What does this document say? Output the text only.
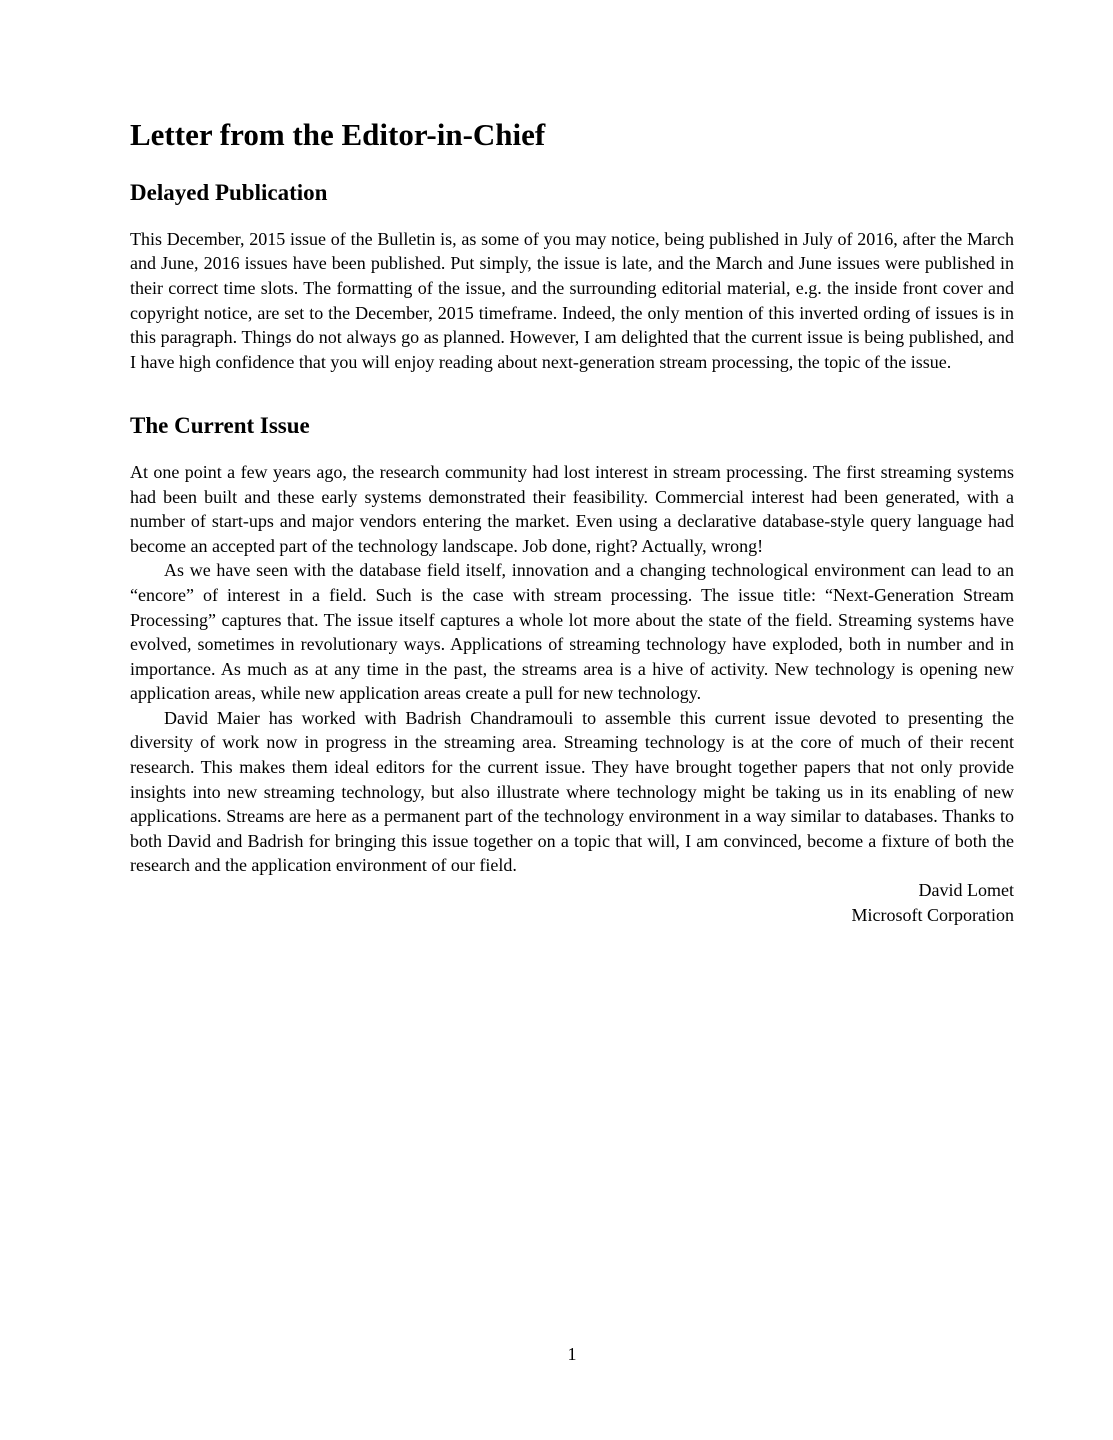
Letter from the Editor-in-Chief
Delayed Publication

This December, 2015 issue of the Bulletin is, as some of you may notice, being published in July of 2016, after the March and June, 2016 issues have been published. Put simply, the issue is late, and the March and June issues were published in their correct time slots. The formatting of the issue, and the surrounding editorial material, e.g. the inside front cover and copyright notice, are set to the December, 2015 timeframe. Indeed, the only mention of this inverted ording of issues is in this paragraph. Things do not always go as planned. However, I am delighted that the current issue is being published, and I have high confidence that you will enjoy reading about next-generation stream processing, the topic of the issue.

The Current Issue

At one point a few years ago, the research community had lost interest in stream processing. The first streaming systems had been built and these early systems demonstrated their feasibility. Commercial interest had been generated, with a number of start-ups and major vendors entering the market. Even using a declarative database-style query language had become an accepted part of the technology landscape. Job done, right? Actually, wrong!

As we have seen with the database field itself, innovation and a changing technological environment can lead to an “encore” of interest in a field. Such is the case with stream processing. The issue title: “Next-Generation Stream Processing” captures that. The issue itself captures a whole lot more about the state of the field. Streaming systems have evolved, sometimes in revolutionary ways. Applications of streaming technology have exploded, both in number and in importance. As much as at any time in the past, the streams area is a hive of activity. New technology is opening new application areas, while new application areas create a pull for new technology.

David Maier has worked with Badrish Chandramouli to assemble this current issue devoted to presenting the diversity of work now in progress in the streaming area. Streaming technology is at the core of much of their recent research. This makes them ideal editors for the current issue. They have brought together papers that not only provide insights into new streaming technology, but also illustrate where technology might be taking us in its enabling of new applications. Streams are here as a permanent part of the technology environment in a way similar to databases. Thanks to both David and Badrish for bringing this issue together on a topic that will, I am convinced, become a fixture of both the research and the application environment of our field.

David Lomet
Microsoft Corporation
1
